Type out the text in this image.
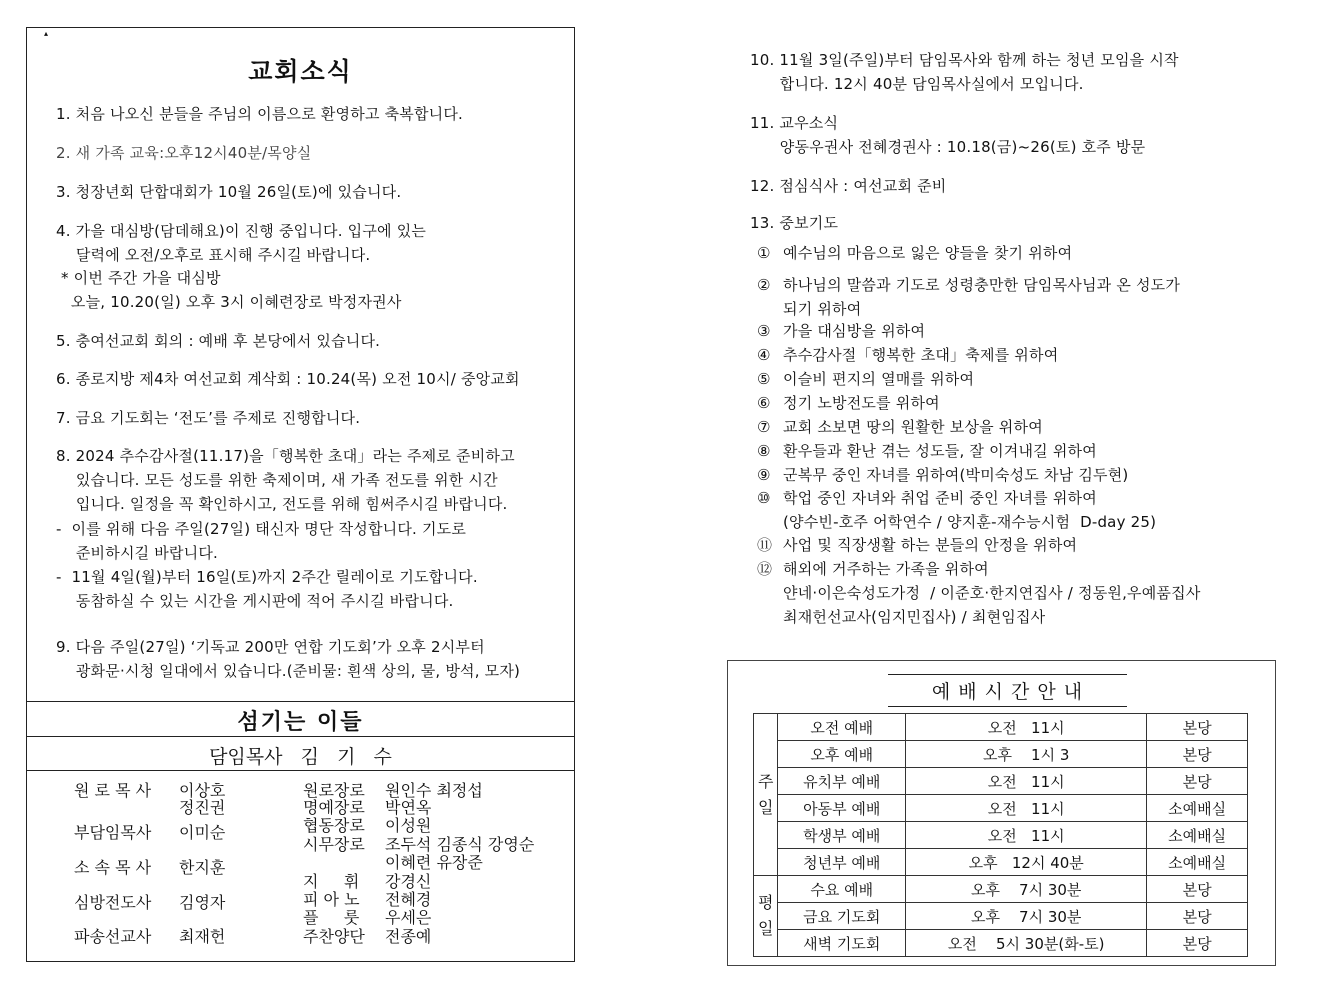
▴
교회소식
1. 처음 나오신 분들을 주님의 이름으로 환영하고 축복합니다.
2. 새 가족 교육:오후12시40분/목양실
3. 청장년회 단합대회가 10월 26일(토)에 있습니다.
4. 가을 대심방(담데해요)이 진행 중입니다. 입구에 있는
달력에 오전/오후로 표시해 주시길 바랍니다.
* 이번 주간 가을 대심방
오늘, 10.20(일) 오후 3시 이혜련장로 박정자권사
5. 충여선교회 회의 : 예배 후 본당에서 있습니다.
6. 종로지방 제4차 여선교회 계삭회 : 10.24(목) 오전 10시/ 중앙교회
7. 금요 기도회는 ‘전도’를 주제로 진행합니다.
8. 2024 추수감사절(11.17)을「행복한 초대」라는 주제로 준비하고
있습니다. 모든 성도를 위한 축제이며, 새 가족 전도를 위한 시간
입니다. 일정을 꼭 확인하시고, 전도를 위해 힘써주시길 바랍니다.
-  이를 위해 다음 주일(27일) 태신자 명단 작성합니다. 기도로
준비하시길 바랍니다.
-  11월 4일(월)부터 16일(토)까지 2주간 릴레이로 기도합니다.
동참하실 수 있는 시간을 게시판에 적어 주시길 바랍니다.
9. 다음 주일(27일) ‘기독교 200만 연합 기도회’가 오후 2시부터
광화문·시청 일대에서 있습니다.(준비물: 흰색 상의, 물, 방석, 모자)
섬기는 이들
담임목사   김   기   수
원 로 목 사 이상호
정진권
부담임목사 이미순
소 속 목 사 한지훈
심방전도사 김영자
파송선교사 최재헌
원로장로 원인수 최정섭
명예장로 박연옥
협동장로 이성원
시무장로 조두석 김종식 강영순
이혜련 유장준
지     휘 강경신
피 아 노 전혜경
플     룻 우세은
주찬양단 전종예
10. 11월 3일(주일)부터 담임목사와 함께 하는 청년 모임을 시작
합니다. 12시 40분 담임목사실에서 모입니다.
11. 교우소식
양동우권사 전혜경권사 : 10.18(금)~26(토) 호주 방문
12. 점심식사 : 여선교회 준비
13. 중보기도
① 예수님의 마음으로 잃은 양들을 찾기 위하여
② 하나님의 말씀과 기도로 성령충만한 담임목사님과 온 성도가
되기 위하여
③ 가을 대심방을 위하여
④ 추수감사절「행복한 초대」축제를 위하여
⑤ 이슬비 편지의 열매를 위하여
⑥ 정기 노방전도를 위하여
⑦ 교회 소보면 땅의 원활한 보상을 위하여
⑧ 환우들과 환난 겪는 성도들, 잘 이겨내길 위하여
⑨ 군복무 중인 자녀를 위하여(박미숙성도 차남 김두현)
⑩ 학업 중인 자녀와 취업 준비 중인 자녀를 위하여
(양수빈-호주 어학연수 / 양지훈-재수능시험  D-day 25)
⑪ 사업 및 직장생활 하는 분들의 안정을 위하여
⑫ 해외에 거주하는 가족을 위하여
얀네·이은숙성도가정  / 이준호·한지연집사 / 정동원,우예품집사
최재헌선교사(임지민집사) / 최현임집사
예 배 시 간 안 내
주일	오전 예배	오전   11시	본당
	오후 예배	오후    1시 3	본당
	유치부 예배	오전   11시	본당
	아동부 예배	오전   11시	소예배실
	학생부 예배	오전   11시	소예배실
	청년부 예배	오후   12시 40분	소예배실
평일	수요 예배	오후    7시 30분	본당
	금요 기도회	오후    7시 30분	본당
	새벽 기도회	오전    5시 30분(화-토)	본당
